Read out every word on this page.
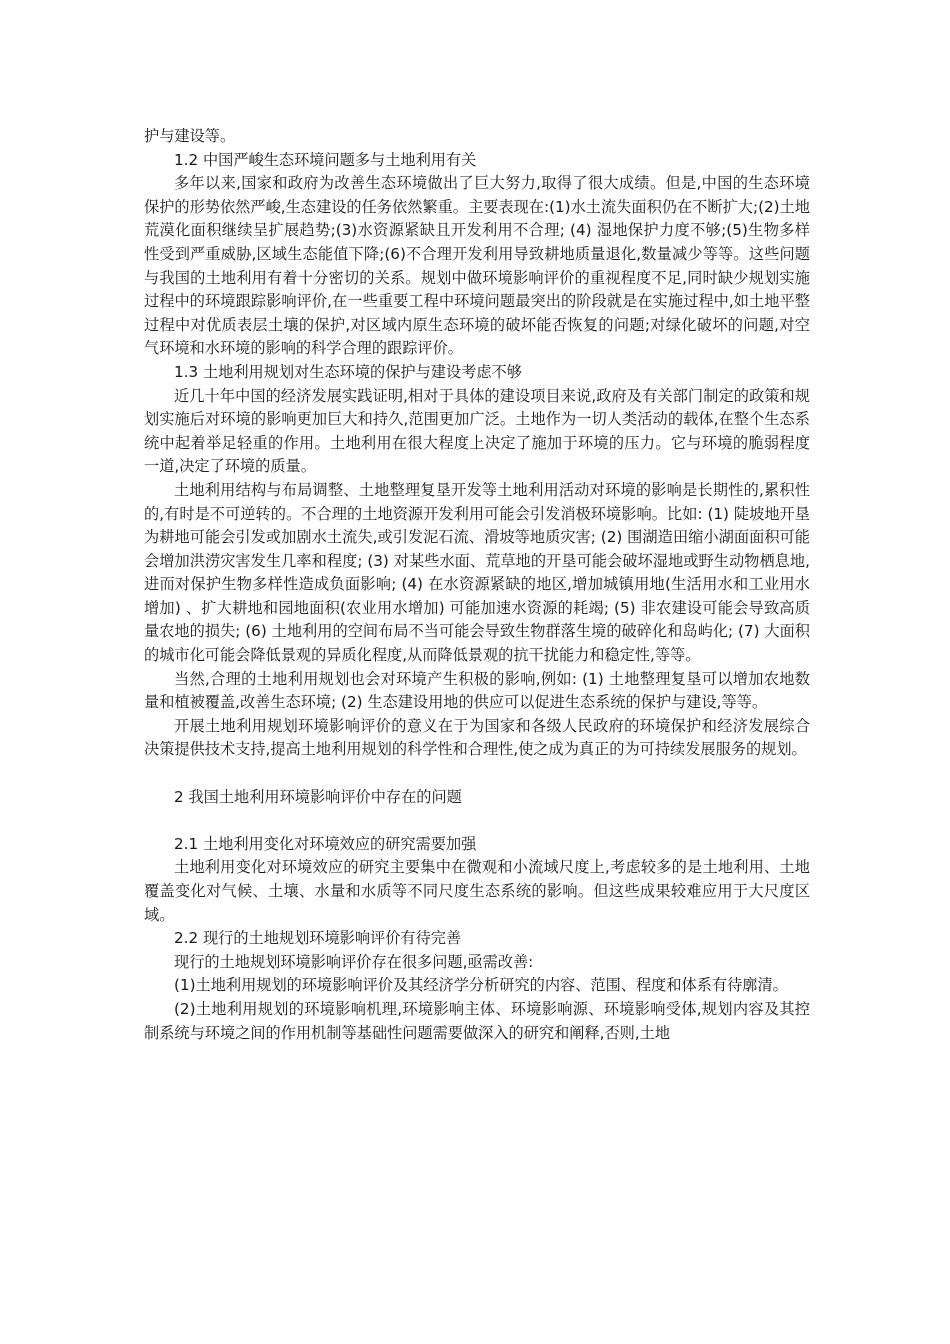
护与建设等。

1.2 中国严峻生态环境问题多与土地利用有关

多年以来,国家和政府为改善生态环境做出了巨大努力,取得了很大成绩。但是,中国的生态环境保护的形势依然严峻,生态建设的任务依然繁重。主要表现在:(1)水土流失面积仍在不断扩大;(2)土地荒漠化面积继续呈扩展趋势;(3)水资源紧缺且开发利用不合理; (4) 湿地保护力度不够;(5)生物多样性受到严重威胁,区域生态能值下降;(6)不合理开发利用导致耕地质量退化,数量减少等等。这些问题与我国的土地利用有着十分密切的关系。规划中做环境影响评价的重视程度不足,同时缺少规划实施过程中的环境跟踪影响评价,在一些重要工程中环境问题最突出的阶段就是在实施过程中,如土地平整过程中对优质表层土壤的保护,对区域内原生态环境的破坏能否恢复的问题;对绿化破坏的问题,对空气环境和水环境的影响的科学合理的跟踪评价。

1.3 土地利用规划对生态环境的保护与建设考虑不够

近几十年中国的经济发展实践证明,相对于具体的建设项目来说,政府及有关部门制定的政策和规划实施后对环境的影响更加巨大和持久,范围更加广泛。土地作为一切人类活动的载体,在整个生态系统中起着举足轻重的作用。土地利用在很大程度上决定了施加于环境的压力。它与环境的脆弱程度一道,决定了环境的质量。

土地利用结构与布局调整、土地整理复垦开发等土地利用活动对环境的影响是长期性的,累积性的,有时是不可逆转的。不合理的土地资源开发利用可能会引发消极环境影响。比如: (1) 陡坡地开垦为耕地可能会引发或加剧水土流失,或引发泥石流、滑坡等地质灾害; (2) 围湖造田缩小湖面面积可能会增加洪涝灾害发生几率和程度; (3) 对某些水面、荒草地的开垦可能会破坏湿地或野生动物栖息地,进而对保护生物多样性造成负面影响; (4) 在水资源紧缺的地区,增加城镇用地(生活用水和工业用水增加) 、扩大耕地和园地面积(农业用水增加) 可能加速水资源的耗竭; (5) 非农建设可能会导致高质量农地的损失; (6) 土地利用的空间布局不当可能会导致生物群落生境的破碎化和岛屿化; (7) 大面积的城市化可能会降低景观的异质化程度,从而降低景观的抗干扰能力和稳定性,等等。

当然,合理的土地利用规划也会对环境产生积极的影响,例如: (1) 土地整理复垦可以增加农地数量和植被覆盖,改善生态环境; (2) 生态建设用地的供应可以促进生态系统的保护与建设,等等。

开展土地利用规划环境影响评价的意义在于为国家和各级人民政府的环境保护和经济发展综合决策提供技术支持,提高土地利用规划的科学性和合理性,使之成为真正的为可持续发展服务的规划。

2 我国土地利用环境影响评价中存在的问题

2.1 土地利用变化对环境效应的研究需要加强

土地利用变化对环境效应的研究主要集中在微观和小流域尺度上,考虑较多的是土地利用、土地覆盖变化对气候、土壤、水量和水质等不同尺度生态系统的影响。但这些成果较难应用于大尺度区域。

2.2 现行的土地规划环境影响评价有待完善

现行的土地规划环境影响评价存在很多问题,亟需改善:

(1)土地利用规划的环境影响评价及其经济学分析研究的内容、范围、程度和体系有待廓清。

(2)土地利用规划的环境影响机理,环境影响主体、环境影响源、环境影响受体,规划内容及其控制系统与环境之间的作用机制等基础性问题需要做深入的研究和阐释,否则,土地
